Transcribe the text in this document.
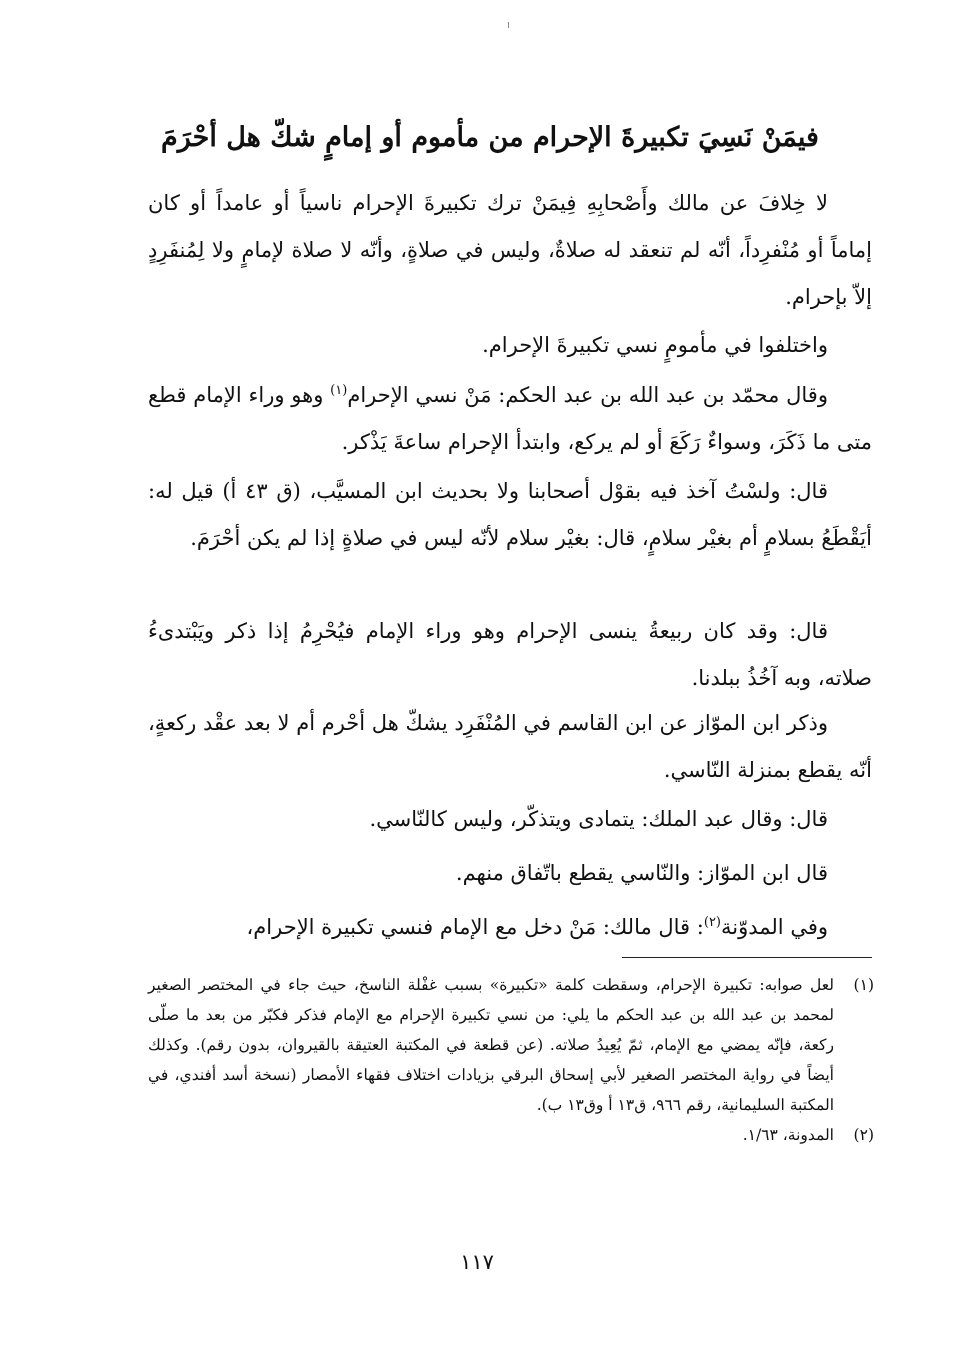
فيمَنْ نَسِيَ تكبيرةَ الإحرام من مأموم أو إمامٍ شكّ هل أحْرَمَ

لا خِلافَ عن مالك وأَصْحابِهِ فِيمَنْ ترك تكبيرةَ الإحرام ناسياً أو عامداً أو كان إماماً أو مُنْفرِداً، أنّه لم تنعقد له صلاةٌ، وليس في صلاةٍ، وأنّه لا صلاة لإمامٍ ولا لِمُنفَرِدٍ إلاّ بإحرام.

واختلفوا في مأمومٍ نسي تكبيرةَ الإحرام.

وقال محمّد بن عبد الله بن عبد الحكم: مَنْ نسي الإحرام$^{(١)}$ وهو وراء الإمام قطع متى ما ذَكَرَ، وسواءٌ رَكَعَ أو لم يركع، وابتدأ الإحرام ساعةَ يَذْكر.

قال: ولسْتُ آخذ فيه بقوْل أصحابنا ولا بحديث ابن المسيَّب، (ق ٤٣ أ) قيل له: أيَقْطَعُ بسلامٍ أم بغيْر سلامٍ، قال: بغيْر سلام لأنّه ليس في صلاةٍ إذا لم يكن أحْرَمَ.

قال: وقد كان ربيعةُ ينسى الإحرام وهو وراء الإمام فيُحْرِمُ إذا ذكر ويَبْتدىءُ صلاته، وبه آخُذُ ببلدنا.

وذكر ابن الموّاز عن ابن القاسم في المُنْفَرِد يشكّ هل أحْرم أم لا بعد عقْد ركعةٍ، أنّه يقطع بمنزلة النّاسي.

قال: وقال عبد الملك: يتمادى ويتذكّر، وليس كالنّاسي.

قال ابن الموّاز: والنّاسي يقطع باتّفاق منهم.

وفي المدوّنة$^{(٢)}$: قال مالك: مَنْ دخل مع الإمام فنسي تكبيرة الإحرام،

(١)
لعل صوابه: تكبيرة الإحرام، وسقطت كلمة «تكبيرة» بسبب غفْلة الناسخ، حيث جاء في المختصر الصغير لمحمد بن عبد الله بن عبد الحكم ما يلي: من نسي تكبيرة الإحرام مع الإمام فذكر فكبّر من بعد ما صلّى ركعة، فإنّه يمضي مع الإمام، ثمّ يُعِيدُ صلاته. (عن قطعة في المكتبة العتيقة بالقيروان، بدون رقم). وكذلك أيضاً في رواية المختصر الصغير لأبي إسحاق البرقي بزيادات اختلاف فقهاء الأمصار (نسخة أسد أفندي، في المكتبة السليمانية، رقم ٩٦٦، ق١٣ أ وق١٣ ب).
(٢)
المدونة، ١/٦٣.
١١٧
